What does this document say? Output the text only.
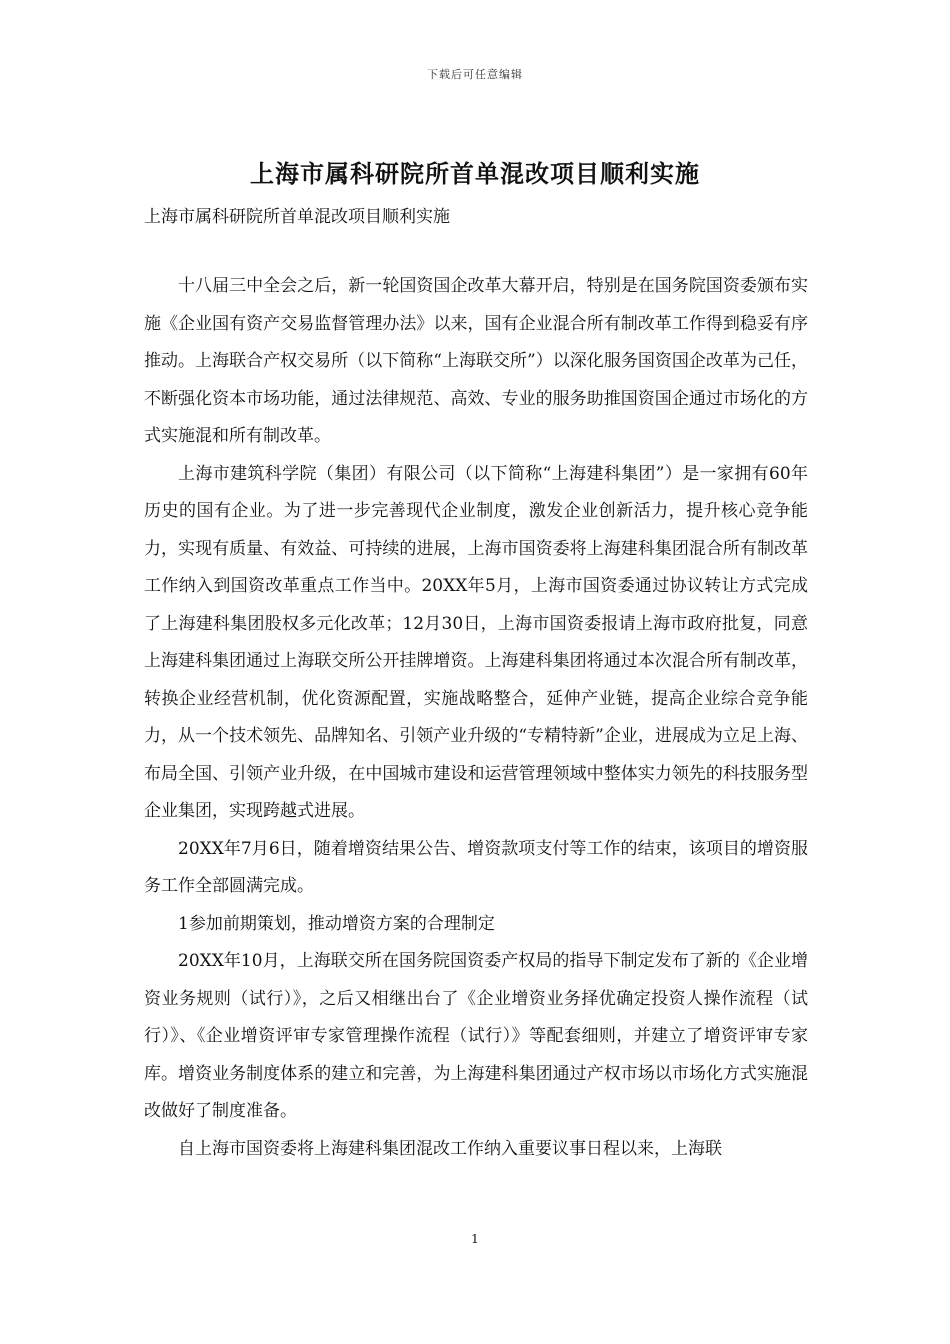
下载后可任意编辑
上海市属科研院所首单混改项目顺利实施

上海市属科研院所首单混改项目顺利实施

十八届三中全会之后，新一轮国资国企改革大幕开启，特别是在国务院国资委颁布实施《企业国有资产交易监督管理办法》以来，国有企业混合所有制改革工作得到稳妥有序推动。上海联合产权交易所（以下简称“上海联交所”）以深化服务国资国企改革为己任，不断强化资本市场功能，通过法律规范、高效、专业的服务助推国资国企通过市场化的方式实施混和所有制改革。

上海市建筑科学院（集团）有限公司（以下简称“上海建科集团”）是一家拥有60年历史的国有企业。为了进一步完善现代企业制度，激发企业创新活力，提升核心竞争能力，实现有质量、有效益、可持续的进展，上海市国资委将上海建科集团混合所有制改革工作纳入到国资改革重点工作当中。20XX年5月，上海市国资委通过协议转让方式完成了上海建科集团股权多元化改革；12月30日，上海市国资委报请上海市政府批复，同意上海建科集团通过上海联交所公开挂牌增资。上海建科集团将通过本次混合所有制改革，转换企业经营机制，优化资源配置，实施战略整合，延伸产业链，提高企业综合竞争能力，从一个技术领先、品牌知名、引领产业升级的“专精特新”企业，进展成为立足上海、布局全国、引领产业升级，在中国城市建设和运营管理领域中整体实力领先的科技服务型企业集团，实现跨越式进展。

20XX年7月6日，随着增资结果公告、增资款项支付等工作的结束，该项目的增资服务工作全部圆满完成。

1参加前期策划，推动增资方案的合理制定

20XX年10月，上海联交所在国务院国资委产权局的指导下制定发布了新的《企业增资业务规则（试行）》，之后又相继出台了《企业增资业务择优确定投资人操作流程（试行）》、《企业增资评审专家管理操作流程（试行）》等配套细则，并建立了增资评审专家库。增资业务制度体系的建立和完善，为上海建科集团通过产权市场以市场化方式实施混改做好了制度准备。

自上海市国资委将上海建科集团混改工作纳入重要议事日程以来，上海联

1
